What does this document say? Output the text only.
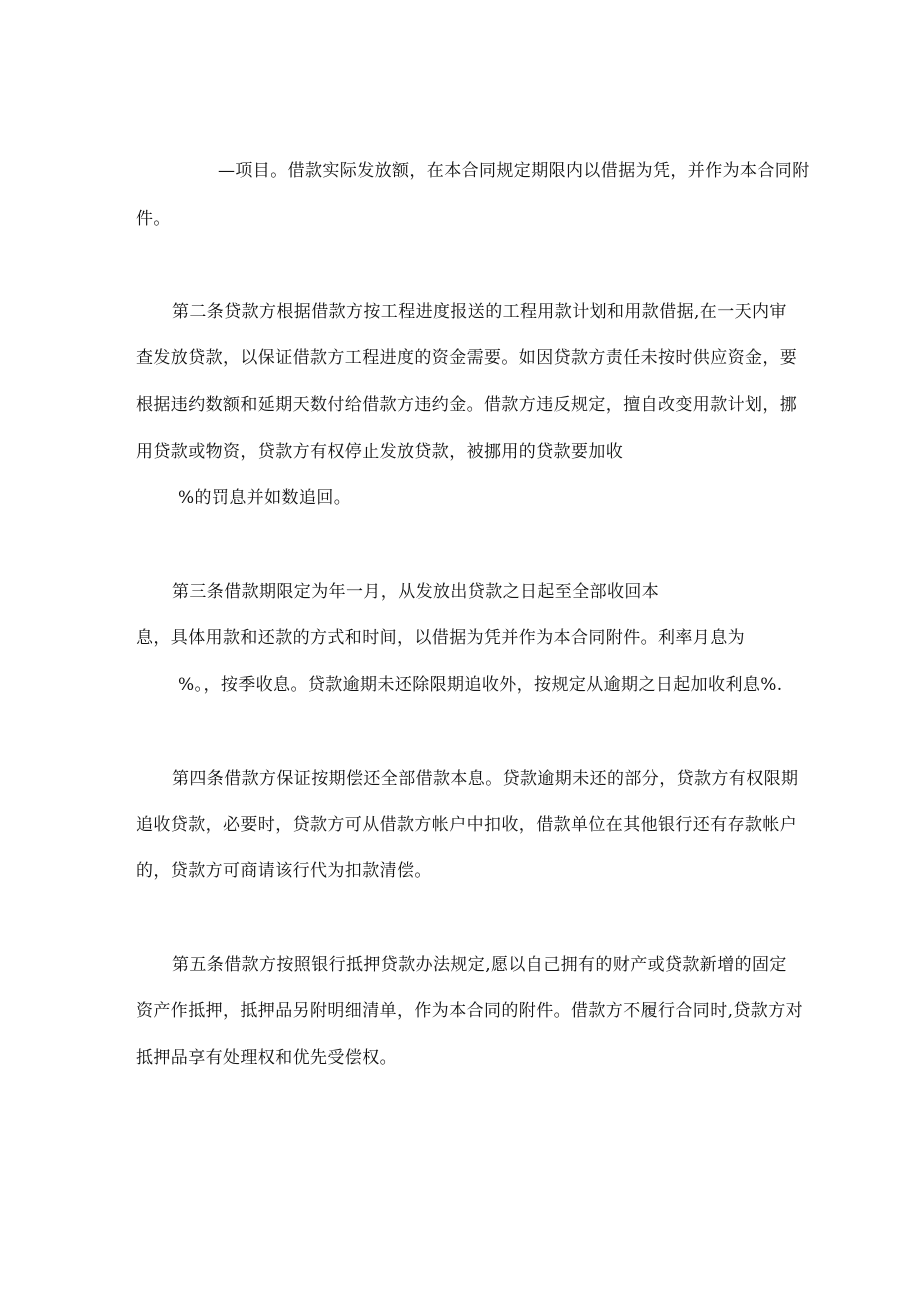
—项目。借款实际发放额，在本合同规定期限内以借据为凭，并作为本合同附
件。
第二条贷款方根据借款方按工程进度报送的工程用款计划和用款借据,在一天内审
查发放贷款，以保证借款方工程进度的资金需要。如因贷款方责任未按时供应资金，要
根据违约数额和延期天数付给借款方违约金。借款方违反规定，擅自改变用款计划，挪
用贷款或物资，贷款方有权停止发放贷款，被挪用的贷款要加收
%的罚息并如数追回。
第三条借款期限定为年一月，从发放出贷款之日起至全部收回本
息，具体用款和还款的方式和时间，以借据为凭并作为本合同附件。利率月息为
%。，按季收息。贷款逾期未还除限期追收外，按规定从逾期之日起加收利息%.
第四条借款方保证按期偿还全部借款本息。贷款逾期未还的部分，贷款方有权限期
追收贷款，必要时，贷款方可从借款方帐户中扣收，借款单位在其他银行还有存款帐户
的，贷款方可商请该行代为扣款清偿。
第五条借款方按照银行抵押贷款办法规定,愿以自己拥有的财产或贷款新增的固定
资产作抵押，抵押品另附明细清单，作为本合同的附件。借款方不履行合同时,贷款方对
抵押品享有处理权和优先受偿权。
